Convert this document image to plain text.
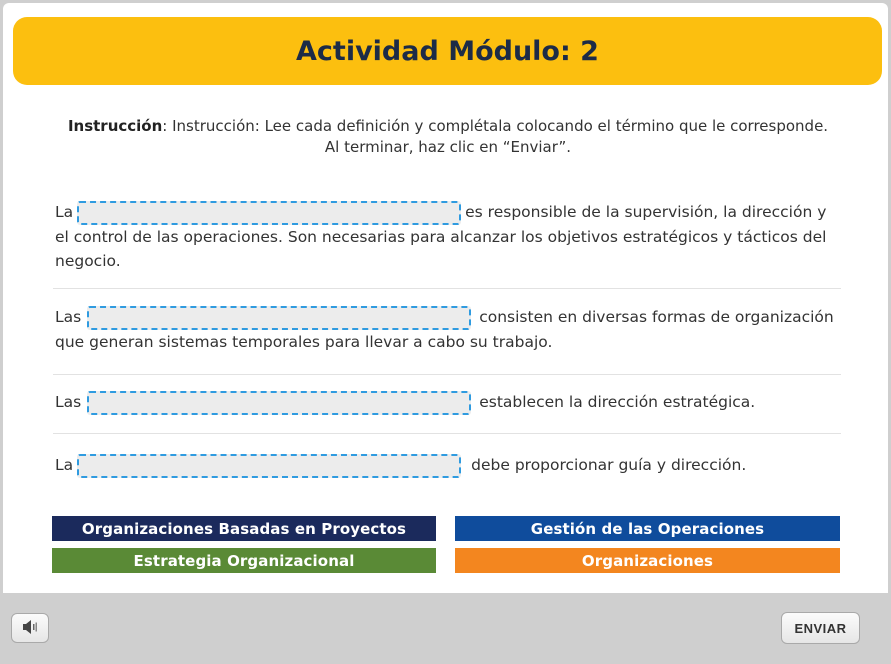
Actividad Módulo: 2
Instrucción: Instrucción: Lee cada definición y complétala colocando el término que le corresponde. Al terminar, haz clic en “Enviar”.
La	es responsible de la supervisión, la dirección y el control de las operaciones. Son necesarias para alcanzar los objetivos estratégicos y tácticos del negocio.
Las	consisten en diversas formas de organización que generan sistemas temporales para llevar a cabo su trabajo.
Las	establecen la dirección estratégica.
La	debe proporcionar guía y dirección.
Organizaciones Basadas en Proyectos	Gestión de las Operaciones
Estrategia Organizacional	Organizaciones
ENVIAR
